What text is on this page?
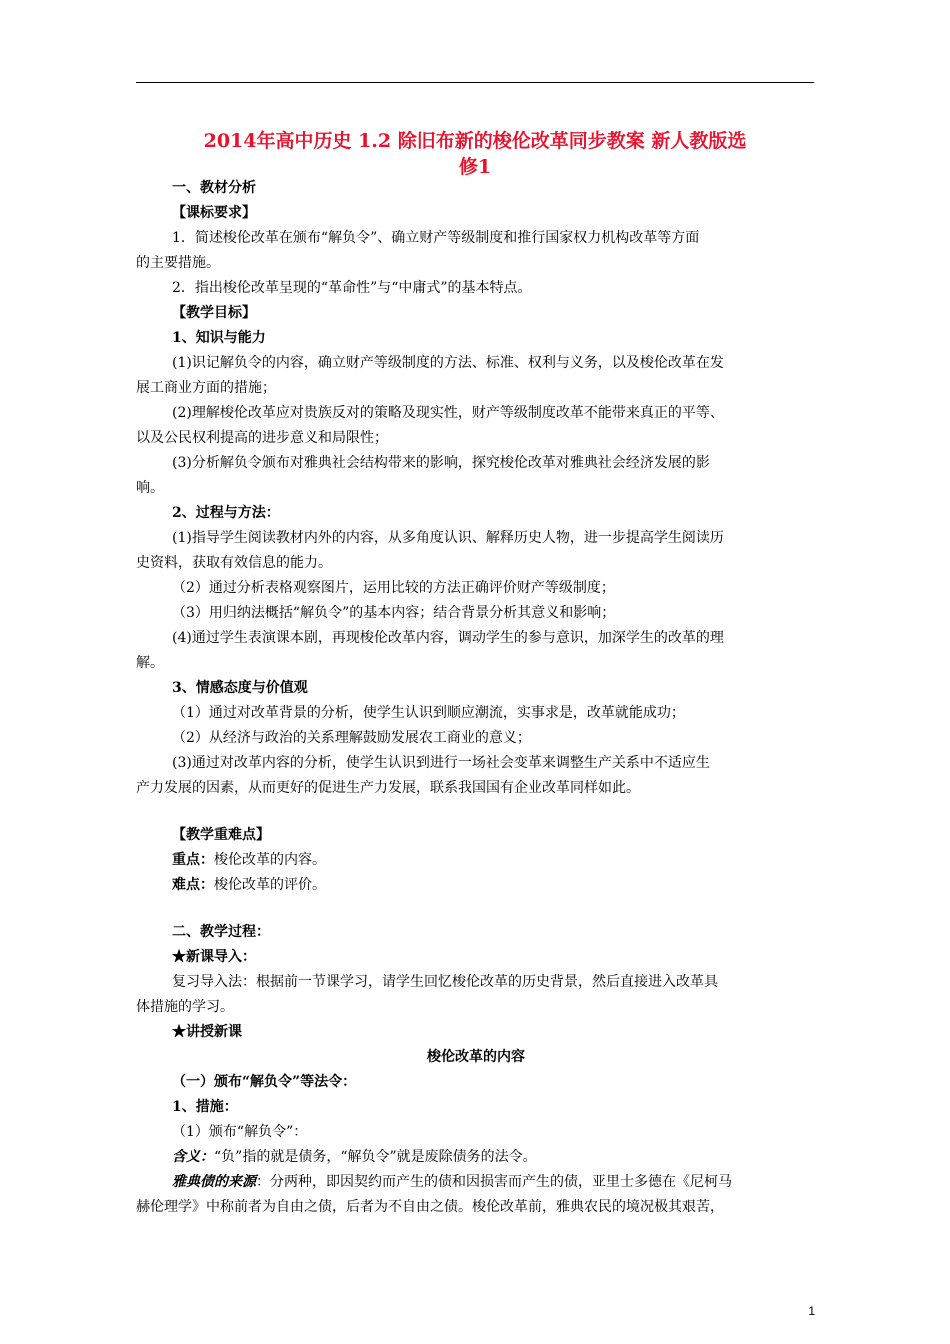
2014年高中历史 1.2 除旧布新的梭伦改革同步教案 新人教版选
修1
一、教材分析
【课标要求】
1．简述梭伦改革在颁布“解负令”、确立财产等级制度和推行国家权力机构改革等方面
的主要措施。
2．指出梭伦改革呈现的“革命性”与“中庸式”的基本特点。
【教学目标】
1、知识与能力
(1)识记解负令的内容，确立财产等级制度的方法、标准、权利与义务，以及梭伦改革在发
展工商业方面的措施；
(2)理解梭伦改革应对贵族反对的策略及现实性，财产等级制度改革不能带来真正的平等、
以及公民权利提高的进步意义和局限性；
(3)分析解负令颁布对雅典社会结构带来的影响，探究梭伦改革对雅典社会经济发展的影
响。
2、过程与方法：
(1)指导学生阅读教材内外的内容，从多角度认识、解释历史人物，进一步提高学生阅读历
史资料，获取有效信息的能力。
（2）通过分析表格观察图片，运用比较的方法正确评价财产等级制度；
（3）用归纳法概括“解负令”的基本内容；结合背景分析其意义和影响；
(4)通过学生表演课本剧，再现梭伦改革内容，调动学生的参与意识，加深学生的改革的理
解。
3、情感态度与价值观
（1）通过对改革背景的分析，使学生认识到顺应潮流，实事求是，改革就能成功；
（2）从经济与政治的关系理解鼓励发展农工商业的意义；
(3)通过对改革内容的分析，使学生认识到进行一场社会变革来调整生产关系中不适应生
产力发展的因素，从而更好的促进生产力发展，联系我国国有企业改革同样如此。
【教学重难点】
重点：梭伦改革的内容。
难点：梭伦改革的评价。
二、教学过程：
★新课导入：
复习导入法：根据前一节课学习，请学生回忆梭伦改革的历史背景，然后直接进入改革具
体措施的学习。
★讲授新课
梭伦改革的内容
（一）颁布“解负令”等法令：
1、措施：
（1）颁布“解负令”：
含义：“负”指的就是债务，“解负令”就是废除债务的法令。
雅典债的来源：分两种，即因契约而产生的债和因损害而产生的债，亚里士多德在《尼柯马
赫伦理学》中称前者为自由之债，后者为不自由之债。梭伦改革前，雅典农民的境况极其艰苦，
1
